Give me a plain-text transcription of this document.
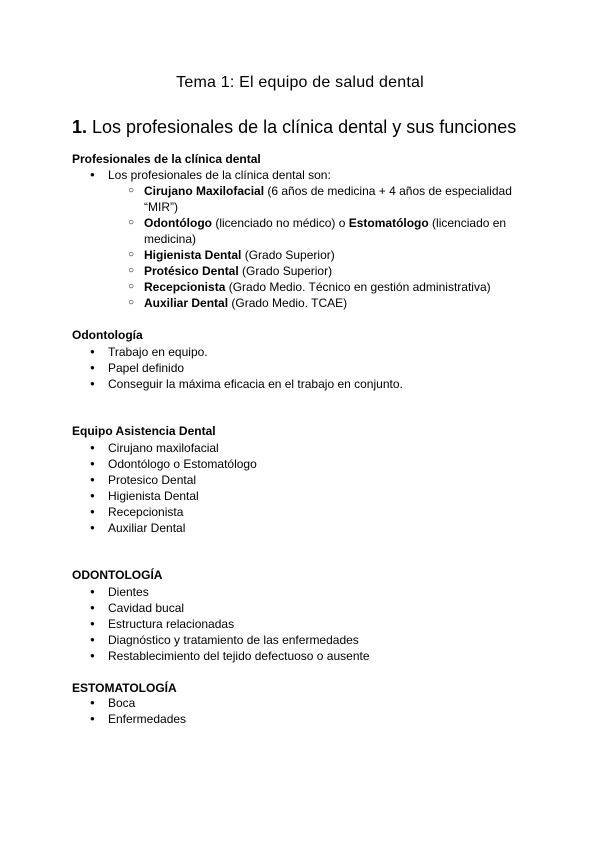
Tema 1: El equipo de salud dental
1. Los profesionales de la clínica dental y sus funciones
Profesionales de la clínica dental
● Los profesionales de la clínica dental son:
○ Cirujano Maxilofacial (6 años de medicina + 4 años de especialidad “MIR”)
○ Odontólogo (licenciado no médico) o Estomatólogo (licenciado en medicina)
○ Higienista Dental (Grado Superior)
○ Protésico Dental (Grado Superior)
○ Recepcionista (Grado Medio. Técnico en gestión administrativa)
○ Auxiliar Dental (Grado Medio. TCAE)
Odontología
● Trabajo en equipo.
● Papel definido
● Conseguir la máxima eficacia en el trabajo en conjunto.
Equipo Asistencia Dental
● Cirujano maxilofacial
● Odontólogo o Estomatólogo
● Protesico Dental
● Higienista Dental
● Recepcionista
● Auxiliar Dental
ODONTOLOGÍA
● Dientes
● Cavidad bucal
● Estructura relacionadas
● Diagnóstico y tratamiento de las enfermedades
● Restablecimiento del tejido defectuoso o ausente
ESTOMATOLOGÍA
● Boca
● Enfermedades
